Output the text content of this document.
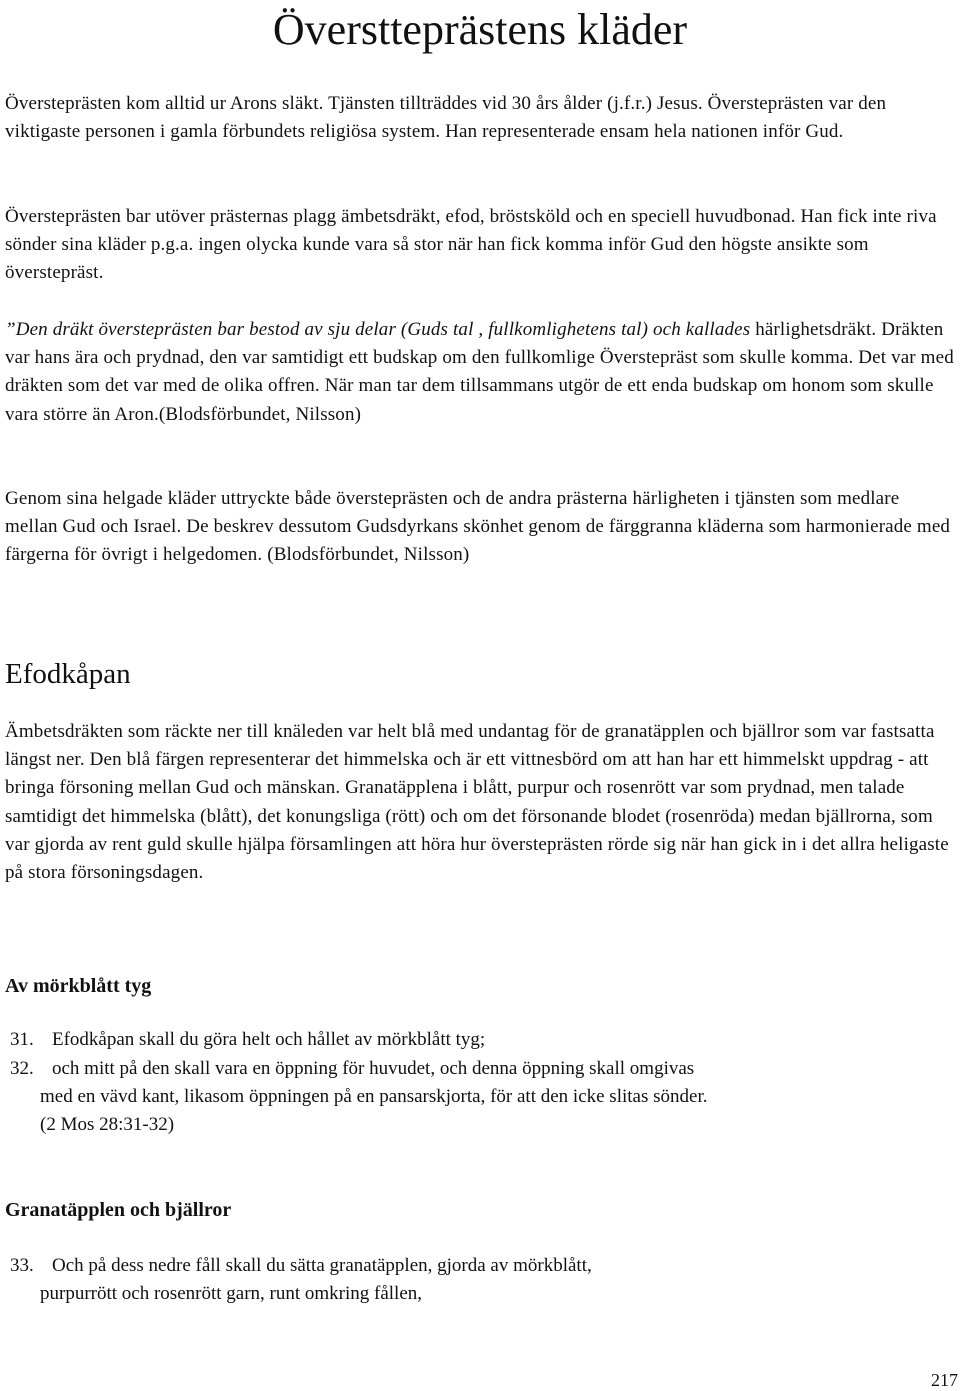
Överstteprästens kläder

Översteprästen kom alltid ur Arons släkt. Tjänsten tillträddes vid 30 års ålder (j.f.r.) Jesus. Översteprästen var den viktigaste personen i gamla förbundets religiösa system. Han representerade ensam hela nationen inför Gud.

Översteprästen bar utöver prästernas plagg ämbetsdräkt, efod, bröstsköld och en speciell huvudbonad. Han fick inte riva sönder sina kläder p.g.a. ingen olycka kunde vara så stor när han fick komma inför Gud den högste ansikte som överstepräst.

”Den dräkt översteprästen bar bestod av sju delar (Guds tal , fullkomlighetens tal) och kallades härlighetsdräkt. Dräkten var hans ära och prydnad, den var samtidigt ett budskap om den fullkomlige Överstepräst som skulle komma. Det var med dräkten som det var med de olika offren. När man tar dem tillsammans utgör de ett enda budskap om honom som skulle vara större än Aron.(Blodsförbundet, Nilsson)

Genom sina helgade kläder uttryckte både översteprästen och de andra prästerna härligheten i tjänsten som medlare mellan Gud och Israel. De beskrev dessutom Gudsdyrkans skönhet genom de färggranna kläderna som harmonierade med färgerna för övrigt i helgedomen. (Blodsförbundet, Nilsson)

Efodkåpan

Ämbetsdräkten som räckte ner till knäleden var helt blå med undantag för de granatäpplen och bjällror som var fastsatta längst ner. Den blå färgen representerar det himmelska och är ett vittnesbörd om att han har ett himmelskt uppdrag - att bringa försoning mellan Gud och mänskan. Granatäpplena i blått, purpur och rosenrött var som prydnad, men talade samtidigt det himmelska (blått), det konungsliga (rött) och om det försonande blodet (rosenröda) medan bjällrorna, som var gjorda av rent guld skulle hjälpa församlingen att höra hur översteprästen rörde sig när han gick in i det allra heligaste på stora försoningsdagen.

Av mörkblått tyg
31. Efodkåpan skall du göra helt och hållet av mörkblått tyg;
32. och mitt på den skall vara en öppning för huvudet, och denna öppning skall omgivas med en vävd kant, likasom öppningen på en pansarskjorta, för att den icke slitas sönder. (2 Mos 28:31-32)
Granatäpplen och bjällror
33. Och på dess nedre fåll skall du sätta granatäpplen, gjorda av mörkblått, purpurrött och rosenrött garn, runt omkring fållen,
217
